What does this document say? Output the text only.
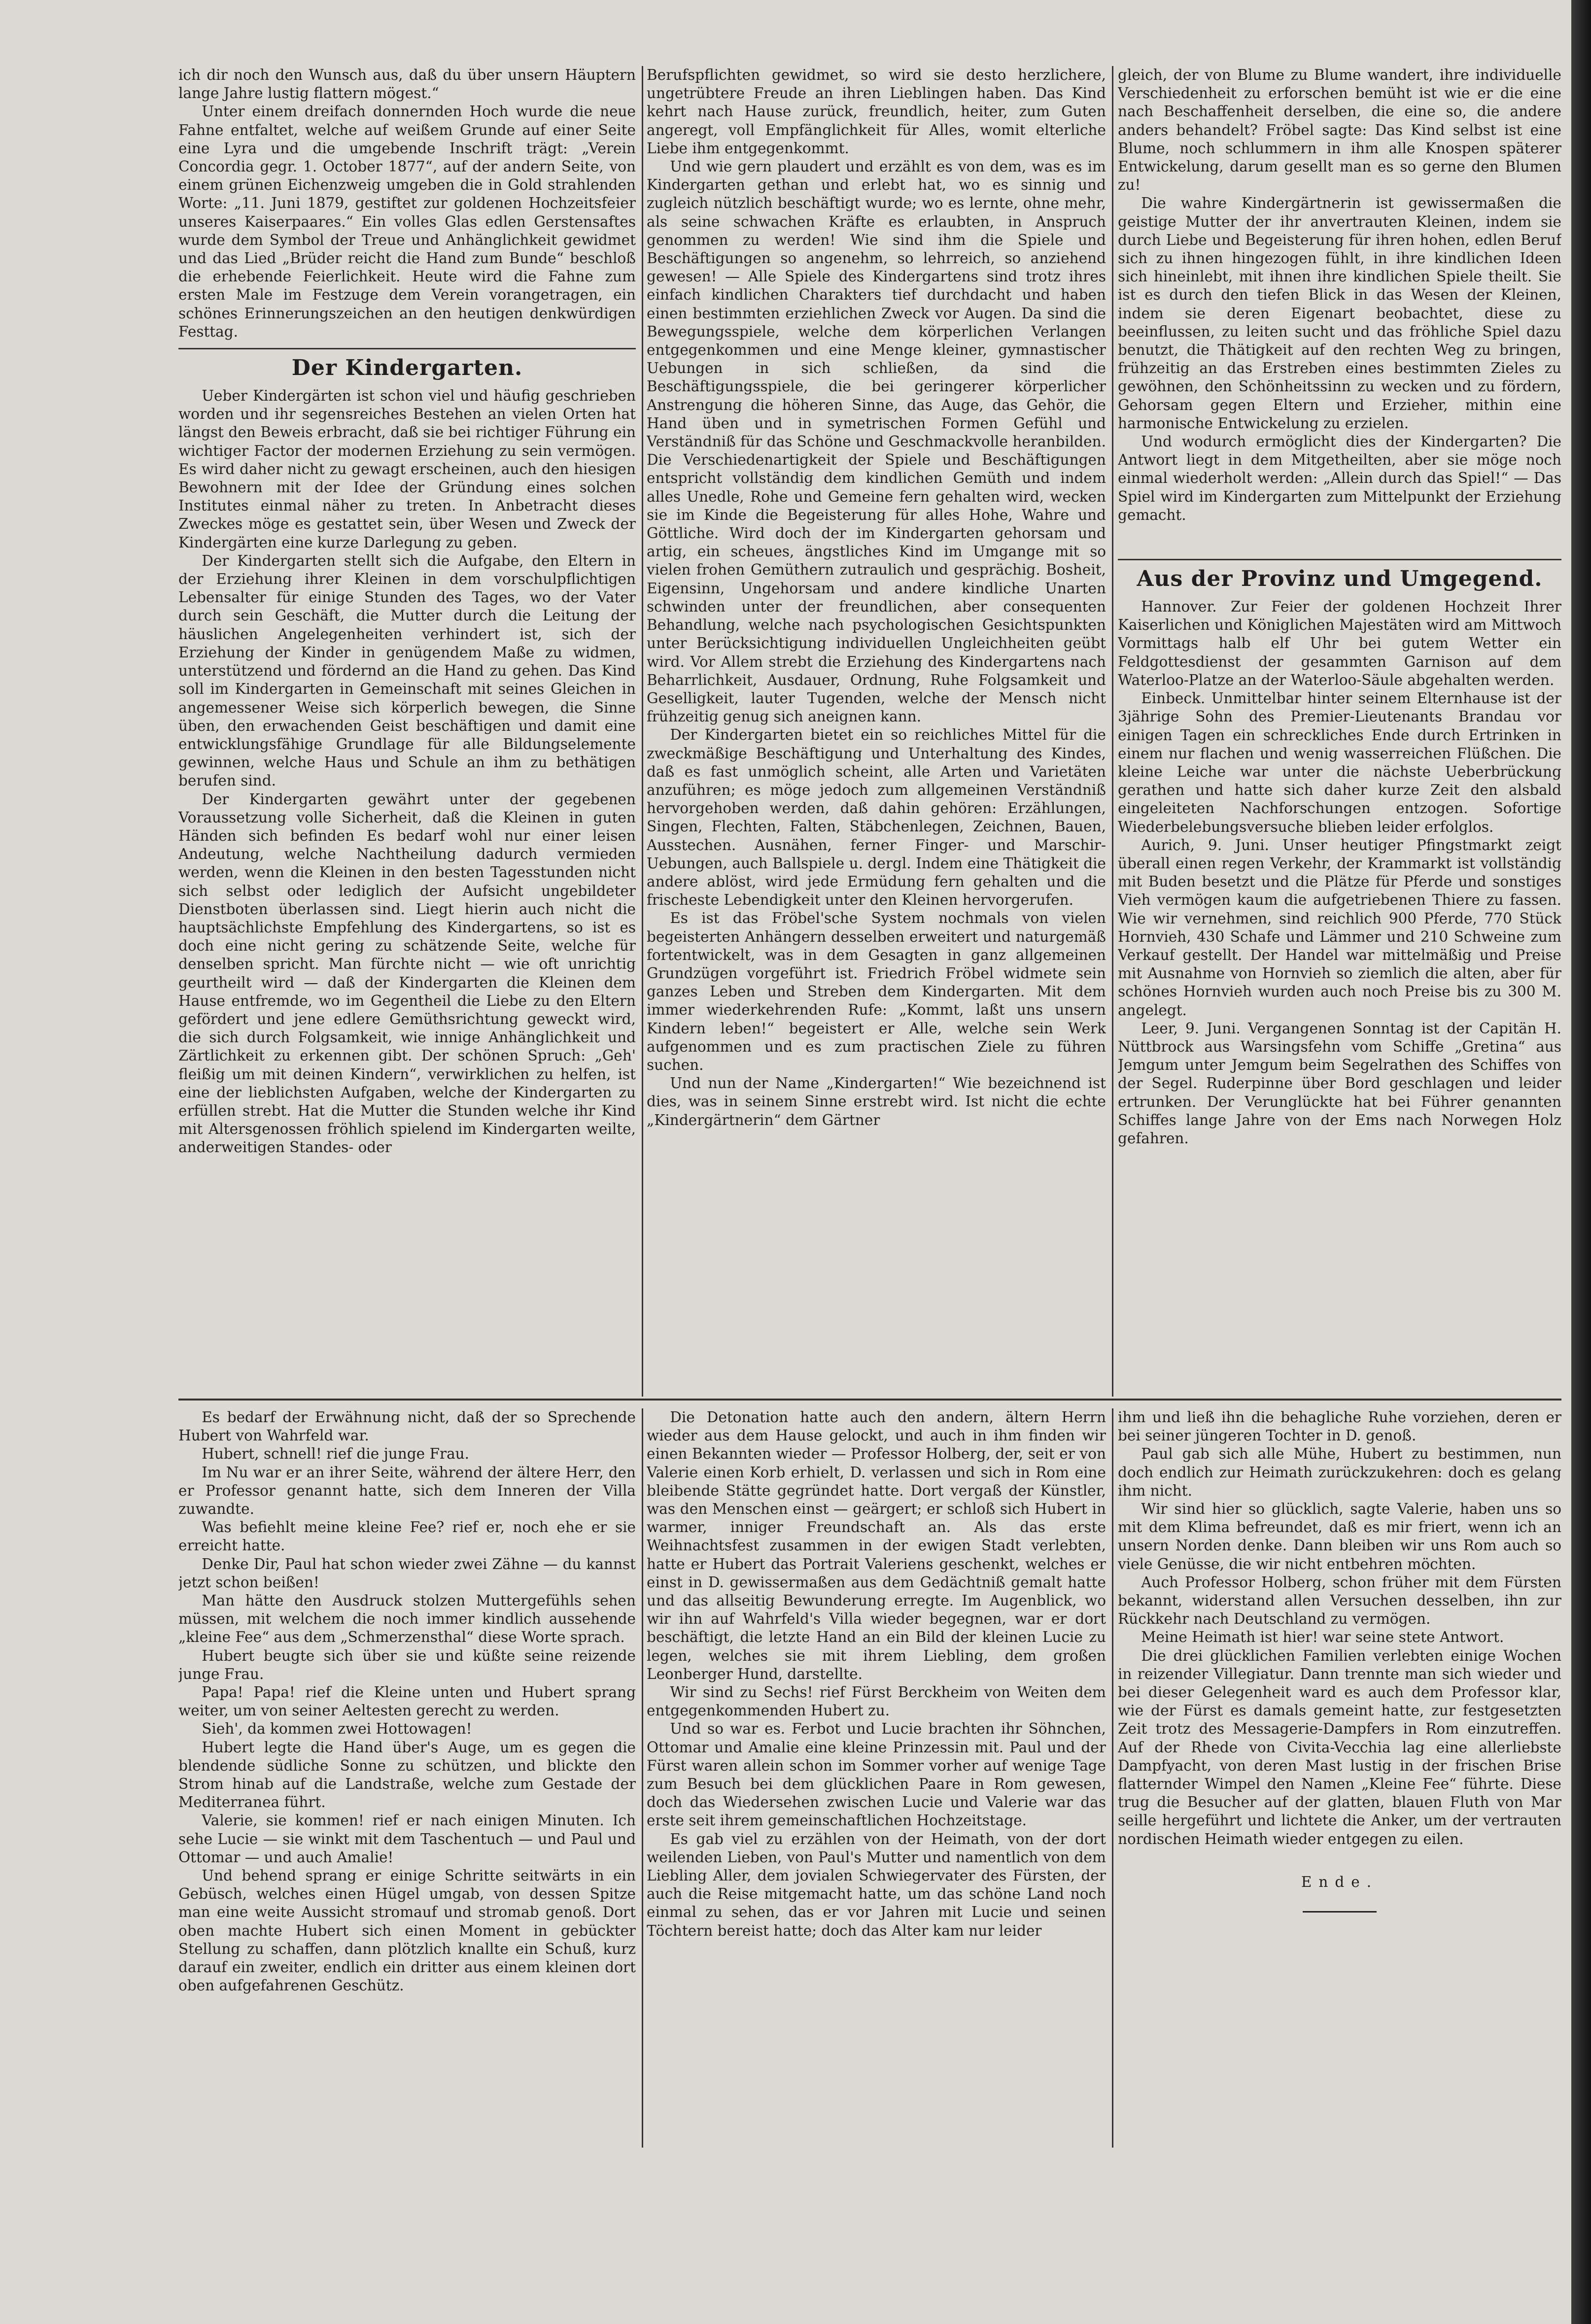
ich dir noch den Wunsch aus, daß du über unsern Häuptern lange Jahre lustig flattern mögest.“

Unter einem dreifach donnernden Hoch wurde die neue Fahne entfaltet, welche auf weißem Grunde auf einer Seite eine Lyra und die umgebende Inschrift trägt: „Verein Concordia gegr. 1. October 1877“, auf der andern Seite, von einem grünen Eichenzweig umgeben die in Gold strahlenden Worte: „11. Juni 1879, gestiftet zur goldenen Hochzeitsfeier unseres Kaiserpaares.“ Ein volles Glas edlen Gerstensaftes wurde dem Symbol der Treue und Anhänglichkeit gewidmet und das Lied „Brüder reicht die Hand zum Bunde“ beschloß die erhebende Feierlichkeit. Heute wird die Fahne zum ersten Male im Festzuge dem Verein vorangetragen, ein schönes Erinnerungszeichen an den heutigen denkwürdigen Festtag.

Der Kindergarten.

Ueber Kindergärten ist schon viel und häufig geschrieben worden und ihr segensreiches Bestehen an vielen Orten hat längst den Beweis erbracht, daß sie bei richtiger Führung ein wichtiger Factor der modernen Erziehung zu sein vermögen. Es wird daher nicht zu gewagt erscheinen, auch den hiesigen Bewohnern mit der Idee der Gründung eines solchen Institutes einmal näher zu treten. In Anbetracht dieses Zweckes möge es gestattet sein, über Wesen und Zweck der Kindergärten eine kurze Darlegung zu geben.

Der Kindergarten stellt sich die Aufgabe, den Eltern in der Erziehung ihrer Kleinen in dem vorschulpflichtigen Lebensalter für einige Stunden des Tages, wo der Vater durch sein Geschäft, die Mutter durch die Leitung der häuslichen Angelegenheiten verhindert ist, sich der Erziehung der Kinder in genügendem Maße zu widmen, unterstützend und fördernd an die Hand zu gehen. Das Kind soll im Kindergarten in Gemeinschaft mit seines Gleichen in angemessener Weise sich körperlich bewegen, die Sinne üben, den erwachenden Geist beschäftigen und damit eine entwicklungsfähige Grundlage für alle Bildungselemente gewinnen, welche Haus und Schule an ihm zu bethätigen berufen sind.

Der Kindergarten gewährt unter der gegebenen Voraussetzung volle Sicherheit, daß die Kleinen in guten Händen sich befinden Es bedarf wohl nur einer leisen Andeutung, welche Nachtheilung dadurch vermieden werden, wenn die Kleinen in den besten Tagesstunden nicht sich selbst oder lediglich der Aufsicht ungebildeter Dienstboten überlassen sind. Liegt hierin auch nicht die hauptsächlichste Empfehlung des Kindergartens, so ist es doch eine nicht gering zu schätzende Seite, welche für denselben spricht. Man fürchte nicht — wie oft unrichtig geurtheilt wird — daß der Kindergarten die Kleinen dem Hause entfremde, wo im Gegentheil die Liebe zu den Eltern gefördert und jene edlere Gemüthsrichtung geweckt wird, die sich durch Folgsamkeit, wie innige Anhänglichkeit und Zärtlichkeit zu erkennen gibt. Der schönen Spruch: „Geh' fleißig um mit deinen Kindern“, verwirklichen zu helfen, ist eine der lieblichsten Aufgaben, welche der Kindergarten zu erfüllen strebt. Hat die Mutter die Stunden welche ihr Kind mit Altersgenossen fröhlich spielend im Kindergarten weilte, anderweitigen Standes- oder

Berufspflichten gewidmet, so wird sie desto herzlichere, ungetrübtere Freude an ihren Lieblingen haben. Das Kind kehrt nach Hause zurück, freundlich, heiter, zum Guten angeregt, voll Empfänglichkeit für Alles, womit elterliche Liebe ihm entgegenkommt.

Und wie gern plaudert und erzählt es von dem, was es im Kindergarten gethan und erlebt hat, wo es sinnig und zugleich nützlich beschäftigt wurde; wo es lernte, ohne mehr, als seine schwachen Kräfte es erlaubten, in Anspruch genommen zu werden! Wie sind ihm die Spiele und Beschäftigungen so angenehm, so lehrreich, so anziehend gewesen! — Alle Spiele des Kindergartens sind trotz ihres einfach kindlichen Charakters tief durchdacht und haben einen bestimmten erziehlichen Zweck vor Augen. Da sind die Bewegungsspiele, welche dem körperlichen Verlangen entgegenkommen und eine Menge kleiner, gymnastischer Uebungen in sich schließen, da sind die Beschäftigungsspiele, die bei geringerer körperlicher Anstrengung die höheren Sinne, das Auge, das Gehör, die Hand üben und in symetrischen Formen Gefühl und Verständniß für das Schöne und Geschmackvolle heranbilden. Die Verschiedenartigkeit der Spiele und Beschäftigungen entspricht vollständig dem kindlichen Gemüth und indem alles Unedle, Rohe und Gemeine fern gehalten wird, wecken sie im Kinde die Begeisterung für alles Hohe, Wahre und Göttliche. Wird doch der im Kindergarten gehorsam und artig, ein scheues, ängstliches Kind im Umgange mit so vielen frohen Gemüthern zutraulich und gesprächig. Bosheit, Eigensinn, Ungehorsam und andere kindliche Unarten schwinden unter der freundlichen, aber consequenten Behandlung, welche nach psychologischen Gesichtspunkten unter Berücksichtigung individuellen Ungleichheiten geübt wird. Vor Allem strebt die Erziehung des Kindergartens nach Beharrlichkeit, Ausdauer, Ordnung, Ruhe Folgsamkeit und Geselligkeit, lauter Tugenden, welche der Mensch nicht frühzeitig genug sich aneignen kann.

Der Kindergarten bietet ein so reichliches Mittel für die zweckmäßige Beschäftigung und Unterhaltung des Kindes, daß es fast unmöglich scheint, alle Arten und Varietäten anzuführen; es möge jedoch zum allgemeinen Verständniß hervorgehoben werden, daß dahin gehören: Erzählungen, Singen, Flechten, Falten, Stäbchenlegen, Zeichnen, Bauen, Ausstechen. Ausnähen, ferner Finger- und Marschir-Uebungen, auch Ballspiele u. dergl. Indem eine Thätigkeit die andere ablöst, wird jede Ermüdung fern gehalten und die frischeste Lebendigkeit unter den Kleinen hervorgerufen.

Es ist das Fröbel'sche System nochmals von vielen begeisterten Anhängern desselben erweitert und naturgemäß fortentwickelt, was in dem Gesagten in ganz allgemeinen Grundzügen vorgeführt ist. Friedrich Fröbel widmete sein ganzes Leben und Streben dem Kindergarten. Mit dem immer wiederkehrenden Rufe: „Kommt, laßt uns unsern Kindern leben!“ begeistert er Alle, welche sein Werk aufgenommen und es zum practischen Ziele zu führen suchen.

Und nun der Name „Kindergarten!“ Wie bezeichnend ist dies, was in seinem Sinne erstrebt wird. Ist nicht die echte „Kindergärtnerin“ dem Gärtner

gleich, der von Blume zu Blume wandert, ihre individuelle Verschiedenheit zu erforschen bemüht ist wie er die eine nach Beschaffenheit derselben, die eine so, die andere anders behandelt? Fröbel sagte: Das Kind selbst ist eine Blume, noch schlummern in ihm alle Knospen späterer Entwickelung, darum gesellt man es so gerne den Blumen zu!

Die wahre Kindergärtnerin ist gewissermaßen die geistige Mutter der ihr anvertrauten Kleinen, indem sie durch Liebe und Begeisterung für ihren hohen, edlen Beruf sich zu ihnen hingezogen fühlt, in ihre kindlichen Ideen sich hineinlebt, mit ihnen ihre kindlichen Spiele theilt. Sie ist es durch den tiefen Blick in das Wesen der Kleinen, indem sie deren Eigenart beobachtet, diese zu beeinflussen, zu leiten sucht und das fröhliche Spiel dazu benutzt, die Thätigkeit auf den rechten Weg zu bringen, frühzeitig an das Erstreben eines bestimmten Zieles zu gewöhnen, den Schönheitssinn zu wecken und zu fördern, Gehorsam gegen Eltern und Erzieher, mithin eine harmonische Entwickelung zu erzielen.

Und wodurch ermöglicht dies der Kindergarten? Die Antwort liegt in dem Mitgetheilten, aber sie möge noch einmal wiederholt werden: „Allein durch das Spiel!“ — Das Spiel wird im Kindergarten zum Mittelpunkt der Erziehung gemacht.

Aus der Provinz und Umgegend.

Hannover. Zur Feier der goldenen Hochzeit Ihrer Kaiserlichen und Königlichen Majestäten wird am Mittwoch Vormittags halb elf Uhr bei gutem Wetter ein Feldgottesdienst der gesammten Garnison auf dem Waterloo-Platze an der Waterloo-Säule abgehalten werden.

Einbeck. Unmittelbar hinter seinem Elternhause ist der 3jährige Sohn des Premier-Lieutenants Brandau vor einigen Tagen ein schreckliches Ende durch Ertrinken in einem nur flachen und wenig wasserreichen Flüßchen. Die kleine Leiche war unter die nächste Ueberbrückung gerathen und hatte sich daher kurze Zeit den alsbald eingeleiteten Nachforschungen entzogen. Sofortige Wiederbelebungsversuche blieben leider erfolglos.

Aurich, 9. Juni. Unser heutiger Pfingstmarkt zeigt überall einen regen Verkehr, der Krammarkt ist vollständig mit Buden besetzt und die Plätze für Pferde und sonstiges Vieh vermögen kaum die aufgetriebenen Thiere zu fassen. Wie wir vernehmen, sind reichlich 900 Pferde, 770 Stück Hornvieh, 430 Schafe und Lämmer und 210 Schweine zum Verkauf gestellt. Der Handel war mittelmäßig und Preise mit Ausnahme von Hornvieh so ziemlich die alten, aber für schönes Hornvieh wurden auch noch Preise bis zu 300 M. angelegt.

Leer, 9. Juni. Vergangenen Sonntag ist der Capitän H. Nüttbrock aus Warsingsfehn vom Schiffe „Gretina“ aus Jemgum unter Jemgum beim Segelrathen des Schiffes von der Segel. Ruderpinne über Bord geschlagen und leider ertrunken. Der Verunglückte hat bei Führer genannten Schiffes lange Jahre von der Ems nach Norwegen Holz gefahren.

Es bedarf der Erwähnung nicht, daß der so Sprechende Hubert von Wahrfeld war.

Hubert, schnell! rief die junge Frau.

Im Nu war er an ihrer Seite, während der ältere Herr, den er Professor genannt hatte, sich dem Inneren der Villa zuwandte.

Was befiehlt meine kleine Fee? rief er, noch ehe er sie erreicht hatte.

Denke Dir, Paul hat schon wieder zwei Zähne — du kannst jetzt schon beißen!

Man hätte den Ausdruck stolzen Muttergefühls sehen müssen, mit welchem die noch immer kindlich aussehende „kleine Fee“ aus dem „Schmerzensthal“ diese Worte sprach.

Hubert beugte sich über sie und küßte seine reizende junge Frau.

Papa! Papa! rief die Kleine unten und Hubert sprang weiter, um von seiner Aeltesten gerecht zu werden.

Sieh', da kommen zwei Hottowagen!

Hubert legte die Hand über's Auge, um es gegen die blendende südliche Sonne zu schützen, und blickte den Strom hinab auf die Landstraße, welche zum Gestade der Mediterranea führt.

Valerie, sie kommen! rief er nach einigen Minuten. Ich sehe Lucie — sie winkt mit dem Taschentuch — und Paul und Ottomar — und auch Amalie!

Und behend sprang er einige Schritte seitwärts in ein Gebüsch, welches einen Hügel umgab, von dessen Spitze man eine weite Aussicht stromauf und stromab genoß. Dort oben machte Hubert sich einen Moment in gebückter Stellung zu schaffen, dann plötzlich knallte ein Schuß, kurz darauf ein zweiter, endlich ein dritter aus einem kleinen dort oben aufgefahrenen Geschütz.

Die Detonation hatte auch den andern, ältern Herrn wieder aus dem Hause gelockt, und auch in ihm finden wir einen Bekannten wieder — Professor Holberg, der, seit er von Valerie einen Korb erhielt, D. verlassen und sich in Rom eine bleibende Stätte gegründet hatte. Dort vergaß der Künstler, was den Menschen einst — geärgert; er schloß sich Hubert in warmer, inniger Freundschaft an. Als das erste Weihnachtsfest zusammen in der ewigen Stadt verlebten, hatte er Hubert das Portrait Valeriens geschenkt, welches er einst in D. gewissermaßen aus dem Gedächtniß gemalt hatte und das allseitig Bewunderung erregte. Im Augenblick, wo wir ihn auf Wahrfeld's Villa wieder begegnen, war er dort beschäftigt, die letzte Hand an ein Bild der kleinen Lucie zu legen, welches sie mit ihrem Liebling, dem großen Leonberger Hund, darstellte.

Wir sind zu Sechs! rief Fürst Berckheim von Weiten dem entgegenkommenden Hubert zu.

Und so war es. Ferbot und Lucie brachten ihr Söhnchen, Ottomar und Amalie eine kleine Prinzessin mit. Paul und der Fürst waren allein schon im Sommer vorher auf wenige Tage zum Besuch bei dem glücklichen Paare in Rom gewesen, doch das Wiedersehen zwischen Lucie und Valerie war das erste seit ihrem gemeinschaftlichen Hochzeitstage.

Es gab viel zu erzählen von der Heimath, von der dort weilenden Lieben, von Paul's Mutter und namentlich von dem Liebling Aller, dem jovialen Schwiegervater des Fürsten, der auch die Reise mitgemacht hatte, um das schöne Land noch einmal zu sehen, das er vor Jahren mit Lucie und seinen Töchtern bereist hatte; doch das Alter kam nur leider

ihm und ließ ihn die behagliche Ruhe vorziehen, deren er bei seiner jüngeren Tochter in D. genoß.

Paul gab sich alle Mühe, Hubert zu bestimmen, nun doch endlich zur Heimath zurückzukehren: doch es gelang ihm nicht.

Wir sind hier so glücklich, sagte Valerie, haben uns so mit dem Klima befreundet, daß es mir friert, wenn ich an unsern Norden denke. Dann bleiben wir uns Rom auch so viele Genüsse, die wir nicht entbehren möchten.

Auch Professor Holberg, schon früher mit dem Fürsten bekannt, widerstand allen Versuchen desselben, ihn zur Rückkehr nach Deutschland zu vermögen.

Meine Heimath ist hier! war seine stete Antwort.

Die drei glücklichen Familien verlebten einige Wochen in reizender Villegiatur. Dann trennte man sich wieder und bei dieser Gelegenheit ward es auch dem Professor klar, wie der Fürst es damals gemeint hatte, zur festgesetzten Zeit trotz des Messagerie-Dampfers in Rom einzutreffen. Auf der Rhede von Civita-Vecchia lag eine allerliebste Dampfyacht, von deren Mast lustig in der frischen Brise flatternder Wimpel den Namen „Kleine Fee“ führte. Diese trug die Besucher auf der glatten, blauen Fluth von Mar seille hergeführt und lichtete die Anker, um der vertrauten nordischen Heimath wieder entgegen zu eilen.

Ende.
